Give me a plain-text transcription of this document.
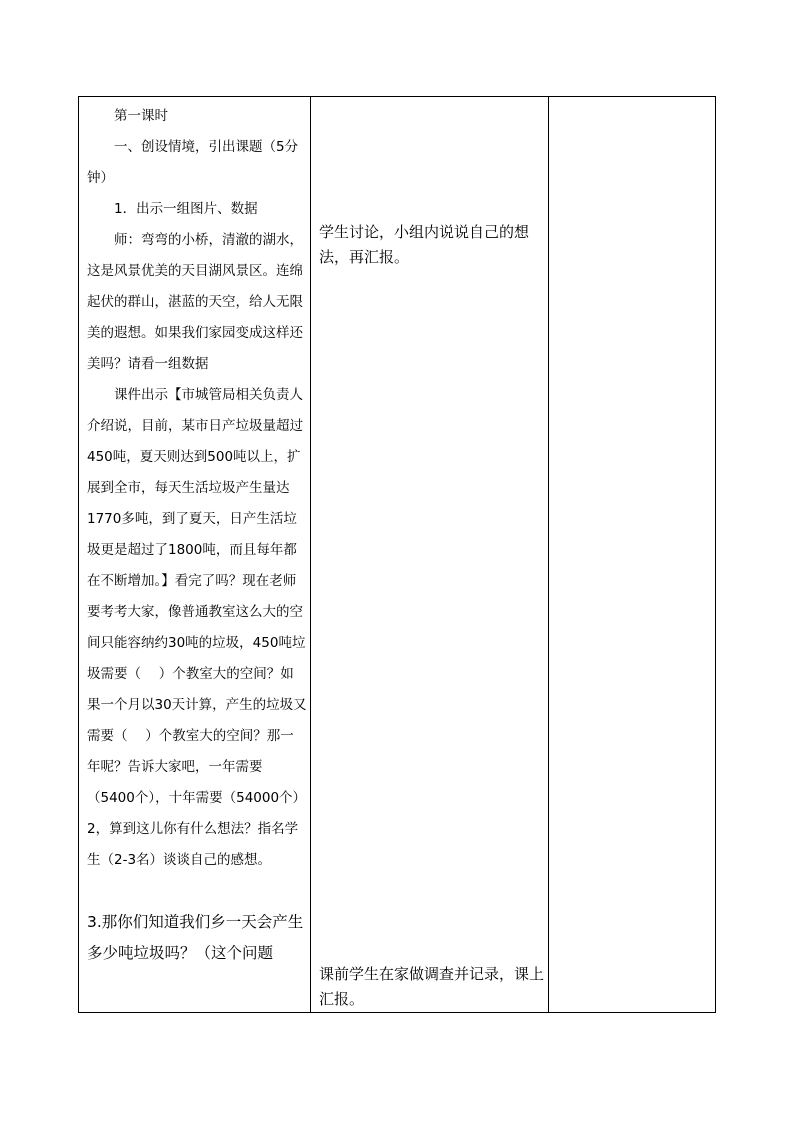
第一课时

一、创设情境，引出课题（5分钟）

1．出示一组图片、数据

师：弯弯的小桥，清澈的湖水，这是风景优美的天目湖风景区。连绵起伏的群山，湛蓝的天空，给人无限美的遐想。如果我们家园变成这样还美吗？请看一组数据

课件出示【市城管局相关负责人介绍说，目前，某市日产垃圾量超过450吨，夏天则达到500吨以上，扩展到全市，每天生活垃圾产生量达1770多吨，到了夏天，日产生活垃圾更是超过了1800吨，而且每年都在不断增加。】看完了吗？现在老师要考考大家，像普通教室这么大的空间只能容纳约30吨的垃圾，450吨垃圾需要（　 ）个教室大的空间？如果一个月以30天计算，产生的垃圾又需要（　 ）个教室大的空间？那一年呢？告诉大家吧，一年需要（5400个），十年需要（54000个）

2，算到这儿你有什么想法？指名学生（2-3名）谈谈自己的感想。

3.那你们知道我们乡一天会产生多少吨垃圾吗？（这个问题

学生讨论，小组内说说自己的想法，再汇报。

课前学生在家做调查并记录，课上汇报。
